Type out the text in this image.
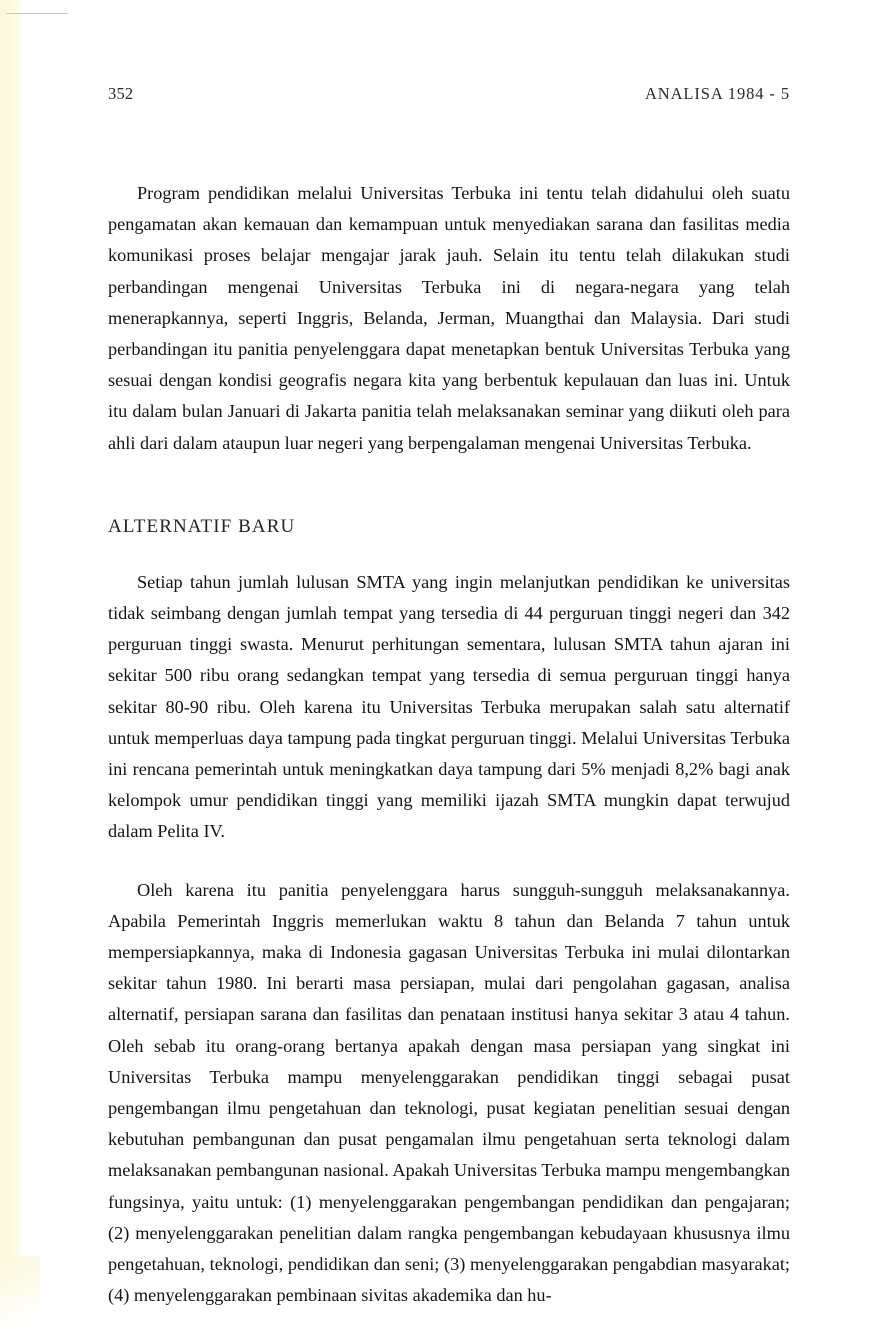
352	ANALISA 1984 - 5

Program pendidikan melalui Universitas Terbuka ini tentu telah didahului oleh suatu pengamatan akan kemauan dan kemampuan untuk menyediakan sarana dan fasilitas media komunikasi proses belajar mengajar jarak jauh. Selain itu tentu telah dilakukan studi perbandingan mengenai Universitas Terbuka ini di negara-negara yang telah menerapkannya, seperti Inggris, Belanda, Jerman, Muangthai dan Malaysia. Dari studi perbandingan itu panitia penyelenggara dapat menetapkan bentuk Universitas Terbuka yang sesuai dengan kondisi geografis negara kita yang berbentuk kepulauan dan luas ini. Untuk itu dalam bulan Januari di Jakarta panitia telah melaksanakan seminar yang diikuti oleh para ahli dari dalam ataupun luar negeri yang berpengalaman mengenai Universitas Terbuka.

ALTERNATIF BARU

Setiap tahun jumlah lulusan SMTA yang ingin melanjutkan pendidikan ke universitas tidak seimbang dengan jumlah tempat yang tersedia di 44 perguruan tinggi negeri dan 342 perguruan tinggi swasta. Menurut perhitungan sementara, lulusan SMTA tahun ajaran ini sekitar 500 ribu orang sedangkan tempat yang tersedia di semua perguruan tinggi hanya sekitar 80-90 ribu. Oleh karena itu Universitas Terbuka merupakan salah satu alternatif untuk memperluas daya tampung pada tingkat perguruan tinggi. Melalui Universitas Terbuka ini rencana pemerintah untuk meningkatkan daya tampung dari 5% menjadi 8,2% bagi anak kelompok umur pendidikan tinggi yang memiliki ijazah SMTA mungkin dapat terwujud dalam Pelita IV.

Oleh karena itu panitia penyelenggara harus sungguh-sungguh melaksanakannya. Apabila Pemerintah Inggris memerlukan waktu 8 tahun dan Belanda 7 tahun untuk mempersiapkannya, maka di Indonesia gagasan Universitas Terbuka ini mulai dilontarkan sekitar tahun 1980. Ini berarti masa persiapan, mulai dari pengolahan gagasan, analisa alternatif, persiapan sarana dan fasilitas dan penataan institusi hanya sekitar 3 atau 4 tahun. Oleh sebab itu orang-orang bertanya apakah dengan masa persiapan yang singkat ini Universitas Terbuka mampu menyelenggarakan pendidikan tinggi sebagai pusat pengembangan ilmu pengetahuan dan teknologi, pusat kegiatan penelitian sesuai dengan kebutuhan pembangunan dan pusat pengamalan ilmu pengetahuan serta teknologi dalam melaksanakan pembangunan nasional. Apakah Universitas Terbuka mampu mengembangkan fungsinya, yaitu untuk: (1) menyelenggarakan pengembangan pendidikan dan pengajaran; (2) menyelenggarakan penelitian dalam rangka pengembangan kebudayaan khususnya ilmu pengetahuan, teknologi, pendidikan dan seni; (3) menyelenggarakan pengabdian masyarakat; (4) menyelenggarakan pembinaan sivitas akademika dan hu-
